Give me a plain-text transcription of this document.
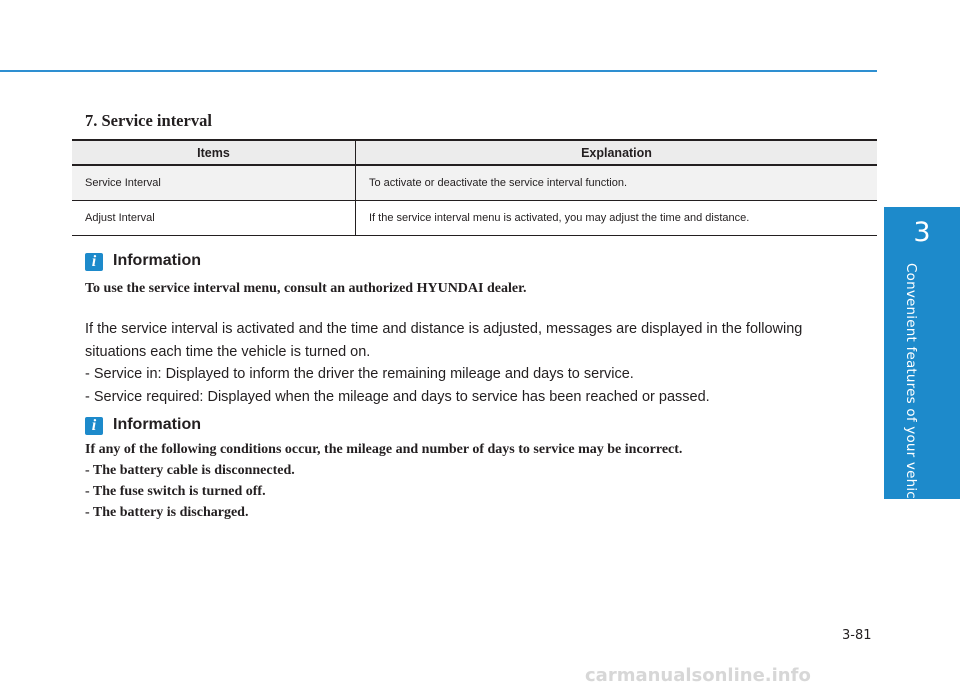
3
Convenient features of your vehicle
7. Service interval
Items	Explanation
Service Interval	To activate or deactivate the service interval function.
Adjust Interval	If the service interval menu is activated, you may adjust the time and distance.
i	Information

To use the service interval menu, consult an authorized HYUNDAI dealer.

If the service interval is activated and the time and distance is adjusted, messages are displayed in the following

situations each time the vehicle is turned on.

- Service in: Displayed to inform the driver the remaining mileage and days to service.

- Service required: Displayed when the mileage and days to service has been reached or passed.

i	Information

If any of the following conditions occur, the mileage and number of days to service may be incorrect.

- The battery cable is disconnected.

- The fuse switch is turned off.

- The battery is discharged.

3-81
carmanualsonline.info
